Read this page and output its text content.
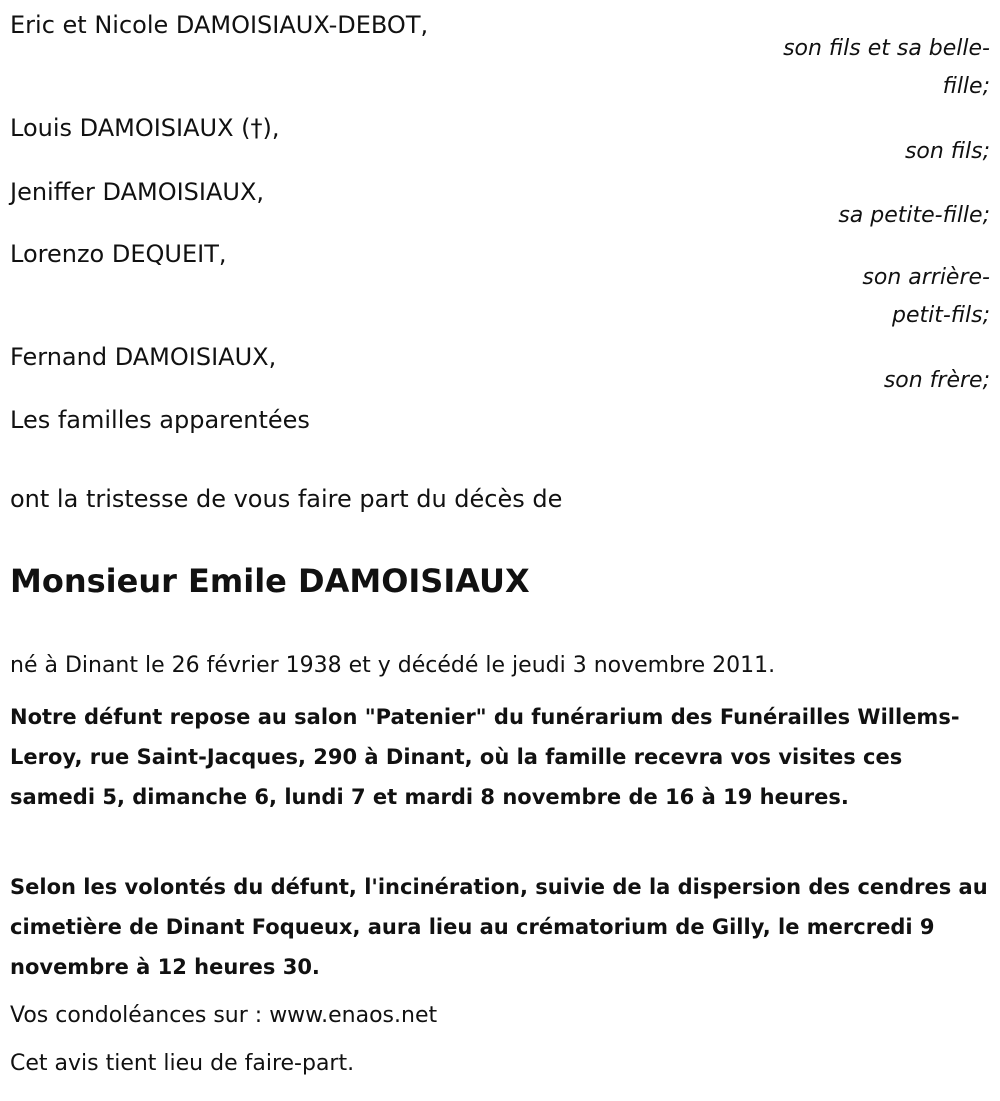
Eric et Nicole DAMOISIAUX-DEBOT,
son fils et sa belle-fille;
Louis DAMOISIAUX (†),
son fils;
Jeniffer DAMOISIAUX,
sa petite-fille;
Lorenzo DEQUEIT,
son arrière-petit-fils;
Fernand DAMOISIAUX,
son frère;
Les familles apparentées
ont la tristesse de vous faire part du décès de
Monsieur Emile DAMOISIAUX
né à Dinant le 26 février 1938 et y décédé le jeudi 3 novembre 2011.
Notre défunt repose au salon "Patenier" du funérarium des Funérailles Willems-Leroy, rue Saint-Jacques, 290 à Dinant, où la famille recevra vos visites ces samedi 5, dimanche 6, lundi 7 et mardi 8 novembre de 16 à 19 heures.
Selon les volontés du défunt, l'incinération, suivie de la dispersion des cendres au cimetière de Dinant Foqueux, aura lieu au crématorium de Gilly, le mercredi 9 novembre à 12 heures 30.
Vos condoléances sur : www.enaos.net
Cet avis tient lieu de faire-part.
